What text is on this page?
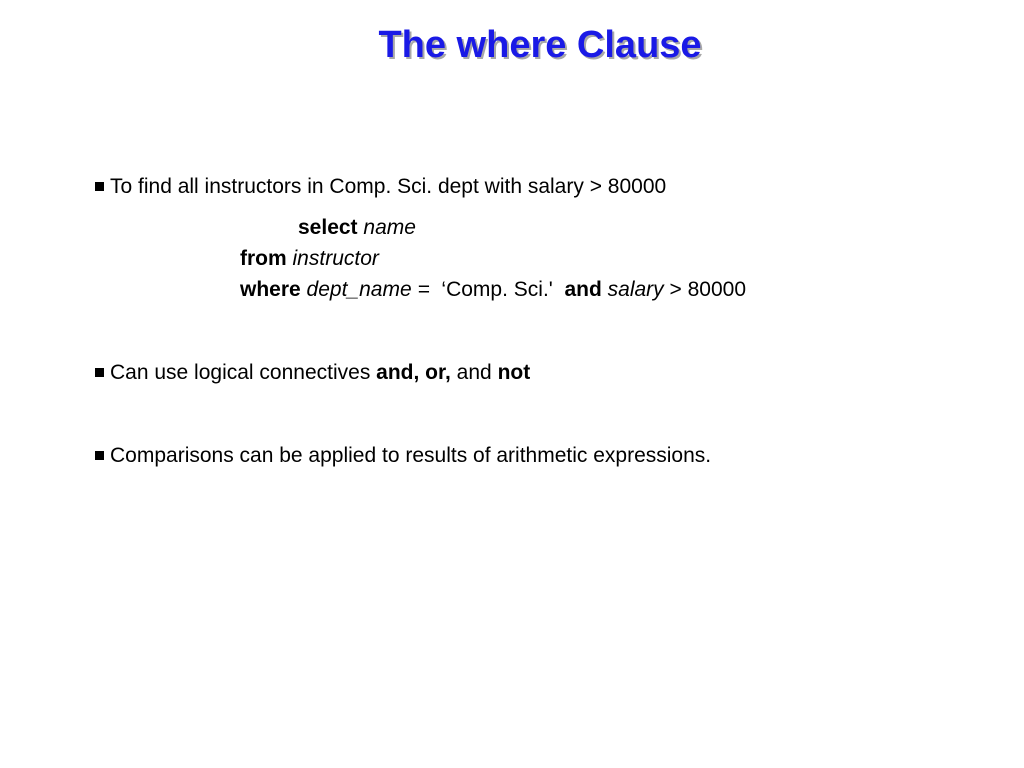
The where Clause
To find all instructors in Comp. Sci. dept with salary > 80000
select name
from instructor
where dept_name =  ‘Comp. Sci.' and salary > 80000
Can use logical connectives and, or, and not
Comparisons can be applied to results of arithmetic expressions.
